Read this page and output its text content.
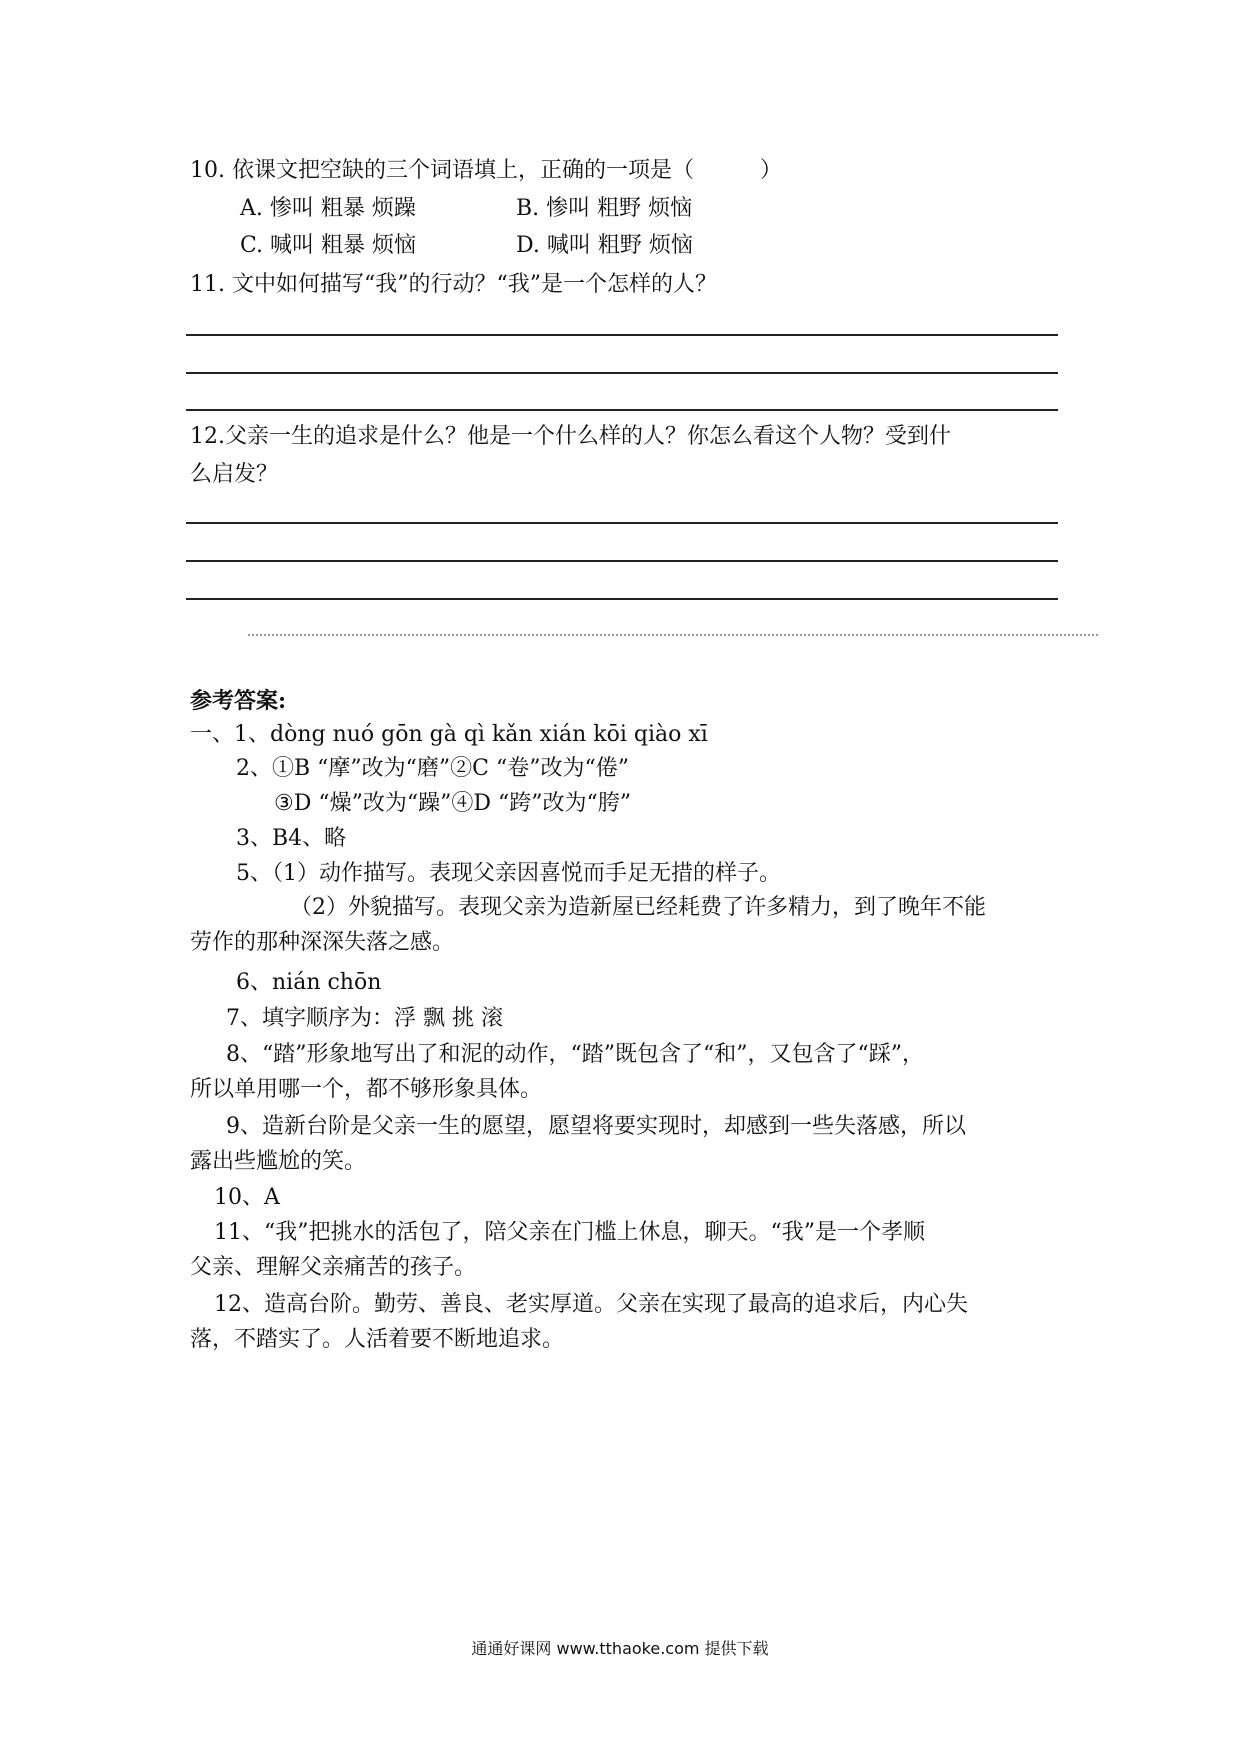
10. 依课文把空缺的三个词语填上，正确的一项是（　　　）
A. 惨叫 粗暴 烦躁	B. 惨叫 粗野 烦恼
C. 喊叫 粗暴 烦恼	D. 喊叫 粗野 烦恼
11. 文中如何描写“我”的行动？“我”是一个怎样的人？
12.父亲一生的追求是什么？他是一个什么样的人？你怎么看这个人物？受到什
么启发？
参考答案:
一、1、dòng nuó gōn gà qì kǎn xián kōi qiào xī
2、①B “摩”改为“磨”②C “卷”改为“倦”
③D “燥”改为“躁”④D “跨”改为“胯”
3、B4、略
5、（1）动作描写。表现父亲因喜悦而手足无措的样子。
（2）外貌描写。表现父亲为造新屋已经耗费了许多精力，到了晚年不能
劳作的那种深深失落之感。
6、nián chōn
7、填字顺序为：浮 飘 挑 滚
8、“踏”形象地写出了和泥的动作，“踏”既包含了“和”，又包含了“踩”，
所以单用哪一个，都不够形象具体。
9、造新台阶是父亲一生的愿望，愿望将要实现时，却感到一些失落感，所以
露出些尴尬的笑。
10、A
11、“我”把挑水的活包了，陪父亲在门槛上休息，聊天。“我”是一个孝顺
父亲、理解父亲痛苦的孩子。
12、造高台阶。勤劳、善良、老实厚道。父亲在实现了最高的追求后，内心失
落，不踏实了。人活着要不断地追求。
通通好课网 www.tthaoke.com 提供下载
